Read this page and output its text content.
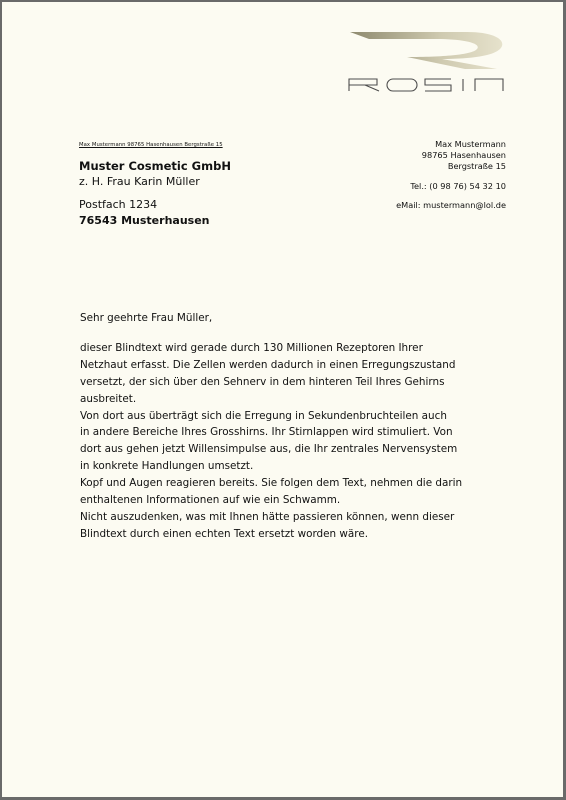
Max Mustermann 98765 Hasenhausen Bergstraße 15
Muster Cosmetic GmbH
z. H. Frau Karin Müller
Postfach 1234
76543 Musterhausen
Max Mustermann
98765 Hasenhausen
Bergstraße 15
Tel.: (0 98 76) 54 32 10
eMail: mustermann@lol.de

Sehr geehrte Frau Müller,

dieser Blindtext wird gerade durch 130 Millionen Rezeptoren Ihrer

Netzhaut erfasst. Die Zellen werden dadurch in einen Erregungszustand

versetzt, der sich über den Sehnerv in dem hinteren Teil Ihres Gehirns

ausbreitet.

Von dort aus überträgt sich die Erregung in Sekundenbruchteilen auch

in andere Bereiche Ihres Grosshirns. Ihr Stirnlappen wird stimuliert. Von

dort aus gehen jetzt Willensimpulse aus, die Ihr zentrales Nervensystem

in konkrete Handlungen umsetzt.

Kopf und Augen reagieren bereits. Sie folgen dem Text, nehmen die darin

enthaltenen Informationen auf wie ein Schwamm.

Nicht auszudenken, was mit Ihnen hätte passieren können, wenn dieser

Blindtext durch einen echten Text ersetzt worden wäre.
